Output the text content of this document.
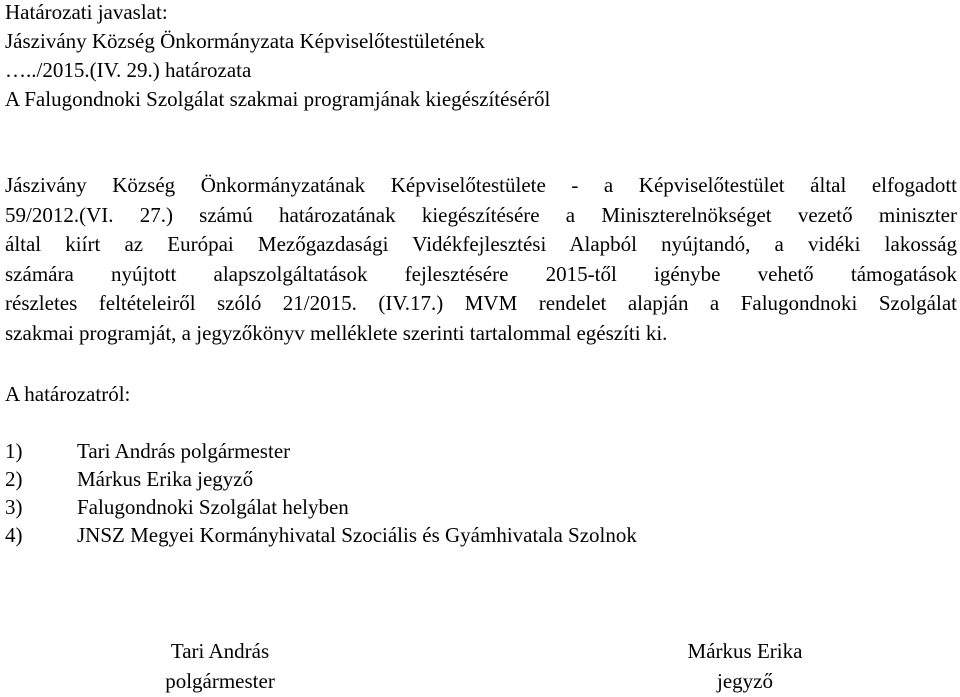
Határozati javaslat:
Jászivány Község Önkormányzata Képviselőtestületének
…../2015.(IV. 29.) határozata
A Falugondnoki Szolgálat szakmai programjának kiegészítéséről
Jászivány Község Önkormányzatának Képviselőtestülete - a Képviselőtestület által elfogadott
59/2012.(VI. 27.) számú határozatának kiegészítésére a Miniszterelnökséget vezető miniszter
által kiírt az Európai Mezőgazdasági Vidékfejlesztési Alapból nyújtandó, a vidéki lakosság
számára nyújtott alapszolgáltatások fejlesztésére 2015-től igénybe vehető támogatások
részletes feltételeiről szóló 21/2015. (IV.17.) MVM rendelet alapján a Falugondnoki Szolgálat
szakmai programját, a jegyzőkönyv melléklete szerinti tartalommal egészíti ki.
A határozatról:
1)	Tari András polgármester
2)	Márkus Erika jegyző
3)	Falugondnoki Szolgálat helyben
4)	JNSZ Megyei Kormányhivatal Szociális és Gyámhivatala Szolnok
Tari András
polgármester
Márkus Erika
jegyző
